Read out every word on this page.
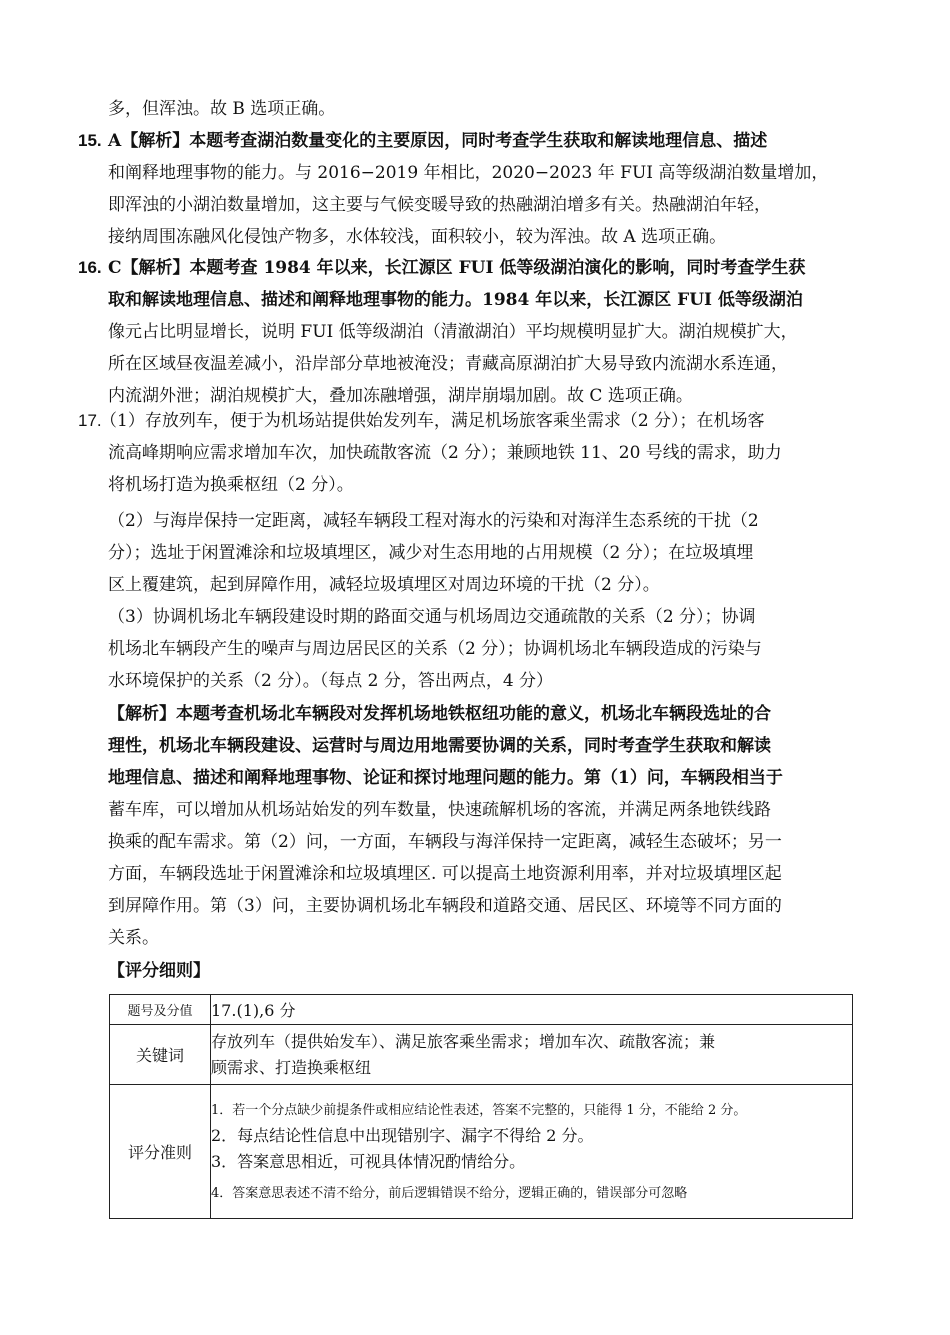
多，但浑浊。故 B 选项正确。
15. A【解析】本题考查湖泊数量变化的主要原因，同时考查学生获取和解读地理信息、描述
和阐释地理事物的能力。与 2016−2019 年相比，2020−2023 年 FUI 高等级湖泊数量增加，
即浑浊的小湖泊数量增加，这主要与气候变暖导致的热融湖泊增多有关。热融湖泊年轻，
接纳周围冻融风化侵蚀产物多，水体较浅，面积较小，较为浑浊。故 A 选项正确。
16. C【解析】本题考查 1984 年以来，长江源区 FUI 低等级湖泊演化的影响，同时考查学生获
取和解读地理信息、描述和阐释地理事物的能力。1984 年以来，长江源区 FUI 低等级湖泊
像元占比明显增长，说明 FUI 低等级湖泊（清澈湖泊）平均规模明显扩大。湖泊规模扩大，
所在区域昼夜温差减小，沿岸部分草地被淹没；青藏高原湖泊扩大易导致内流湖水系连通，
内流湖外泄；湖泊规模扩大，叠加冻融增强，湖岸崩塌加剧。故 C 选项正确。
17.
（1）存放列车，便于为机场站提供始发列车，满足机场旅客乘坐需求（2 分）；在机场客
流高峰期响应需求增加车次，加快疏散客流（2 分）；兼顾地铁 11、20 号线的需求，助力
将机场打造为换乘枢纽（2 分）。
（2）与海岸保持一定距离，减轻车辆段工程对海水的污染和对海洋生态系统的干扰（2
分）；选址于闲置滩涂和垃圾填埋区，减少对生态用地的占用规模（2 分）；在垃圾填埋
区上覆建筑，起到屏障作用，减轻垃圾填埋区对周边环境的干扰（2 分）。
（3）协调机场北车辆段建设时期的路面交通与机场周边交通疏散的关系（2 分）；协调
机场北车辆段产生的噪声与周边居民区的关系（2 分）；协调机场北车辆段造成的污染与
水环境保护的关系（2 分）。（每点 2 分，答出两点，4 分）
【解析】本题考查机场北车辆段对发挥机场地铁枢纽功能的意义，机场北车辆段选址的合
理性，机场北车辆段建设、运营时与周边用地需要协调的关系，同时考查学生获取和解读
地理信息、描述和阐释地理事物、论证和探讨地理问题的能力。第（1）问，车辆段相当于
蓄车库，可以增加从机场站始发的列车数量，快速疏解机场的客流，并满足两条地铁线路
换乘的配车需求。第（2）问，一方面，车辆段与海洋保持一定距离，减轻生态破坏；另一
方面，车辆段选址于闲置滩涂和垃圾填埋区. 可以提高土地资源利用率，并对垃圾填埋区起
到屏障作用。第（3）问，主要协调机场北车辆段和道路交通、居民区、环境等不同方面的
关系。
【评分细则】
题号及分值	17.(1),6 分
关键词	存放列车（提供始发车）、满足旅客乘坐需求；增加车次、疏散客流；兼
顾需求、打造换乘枢纽

评分准则	1．若一个分点缺少前提条件或相应结论性表述，答案不完整的，只能得 1 分，不能给 2 分。
2．每点结论性信息中出现错别字、漏字不得给 2 分。
3．答案意思相近，可视具体情况酌情给分。
4．答案意思表述不清不给分，前后逻辑错误不给分，逻辑正确的，错误部分可忽略
